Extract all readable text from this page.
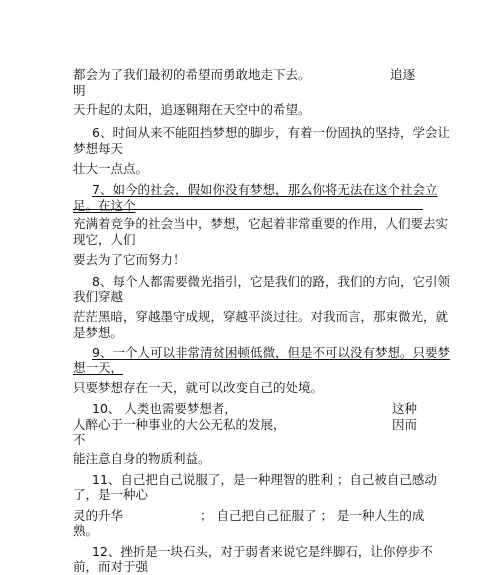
都会为了我们最初的希望而勇敢地走下去。	追逐
明
天升起的太阳，追逐翱翔在天空中的希望。
6、时间从来不能阻挡梦想的脚步，有着一份固执的坚持，学会让
梦想每天
壮大一点点。
7、如今的社会，假如你没有梦想，那么你将无法在这个社会立
足。在这个
充满着竞争的社会当中，梦想，它起着非常重要的作用，人们要去实
现它，人们
要去为了它而努力！
8、每个人都需要微光指引，它是我们的路，我们的方向，它引领
我们穿越
茫茫黑暗，穿越墨守成规，穿越平淡过往。对我而言，那束微光，就
是梦想。
9、一个人可以非常清贫困顿低微，但是不可以没有梦想。只要梦
想一天，
只要梦想存在一天，就可以改变自己的处境。
10、 人类也需要梦想者，	这种
人醉心于一种事业的大公无私的发展，	因而
不
能注意自身的物质利益。
11、自己把自己说服了，是一种理智的胜利 ；自己被自己感动
了，是一种心
灵的升华	； 自己把自己征服了 ； 是一种人生的成
熟。
12、挫折是一块石头，对于弱者来说它是绊脚石，让你停步不
前，而对于强
